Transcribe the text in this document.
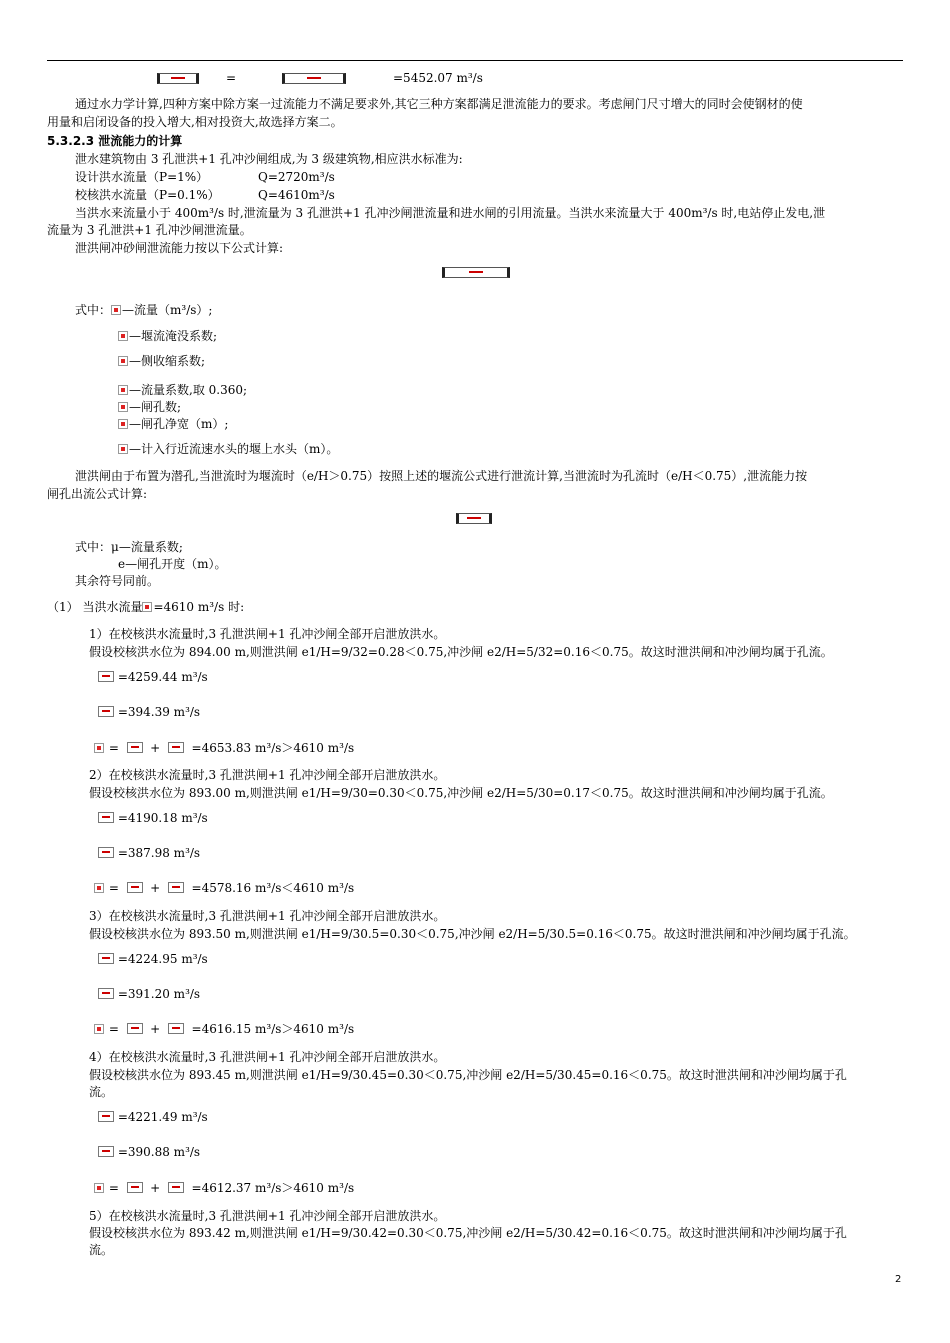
=	=5452.07 m³/s
通过水力学计算,四种方案中除方案一过流能力不满足要求外,其它三种方案都满足泄流能力的要求。考虑闸门尺寸增大的同时会使钢材的使
用量和启闭设备的投入增大,相对投资大,故选择方案二。
5.3.2.3 泄流能力的计算
泄水建筑物由 3 孔泄洪+1 孔冲沙闸组成,为 3 级建筑物,相应洪水标准为:
设计洪水流量（P=1%）	Q=2720m³/s
校核洪水流量（P=0.1%）	Q=4610m³/s
当洪水来流量小于 400m³/s 时,泄流量为 3 孔泄洪+1 孔冲沙闸泄流量和进水闸的引用流量。当洪水来流量大于 400m³/s 时,电站停止发电,泄
流量为 3 孔泄洪+1 孔冲沙闸泄流量。
泄洪闸冲砂闸泄流能力按以下公式计算:
式中： —流量（m³/s）;
—堰流淹没系数;
—侧收缩系数;
—流量系数,取 0.360;
—闸孔数;
—闸孔净宽（m）;
—计入行近流速水头的堰上水头（m）。
泄洪闸由于布置为潜孔,当泄流时为堰流时（e/H＞0.75）按照上述的堰流公式进行泄流计算,当泄流时为孔流时（e/H＜0.75）,泄流能力按
闸孔出流公式计算:
式中：μ—流量系数;
e—闸孔开度（m）。
其余符号同前。
（1） 当洪水流量 =4610 m³/s 时:
1）在校核洪水流量时,3 孔泄洪闸+1 孔冲沙闸全部开启泄放洪水。
假设校核洪水位为 894.00 m,则泄洪闸 e1/H=9/32=0.28＜0.75,冲沙闸 e2/H=5/32=0.16＜0.75。故这时泄洪闸和冲沙闸均属于孔流。
=4259.44 m³/s
=394.39 m³/s
=	+	=4653.83 m³/s＞4610 m³/s
2）在校核洪水流量时,3 孔泄洪闸+1 孔冲沙闸全部开启泄放洪水。
假设校核洪水位为 893.00 m,则泄洪闸 e1/H=9/30=0.30＜0.75,冲沙闸 e2/H=5/30=0.17＜0.75。故这时泄洪闸和冲沙闸均属于孔流。
=4190.18 m³/s
=387.98 m³/s
=	+	=4578.16 m³/s＜4610 m³/s
3）在校核洪水流量时,3 孔泄洪闸+1 孔冲沙闸全部开启泄放洪水。
假设校核洪水位为 893.50 m,则泄洪闸 e1/H=9/30.5=0.30＜0.75,冲沙闸 e2/H=5/30.5=0.16＜0.75。故这时泄洪闸和冲沙闸均属于孔流。
=4224.95 m³/s
=391.20 m³/s
=	+	=4616.15 m³/s＞4610 m³/s
4）在校核洪水流量时,3 孔泄洪闸+1 孔冲沙闸全部开启泄放洪水。
假设校核洪水位为 893.45 m,则泄洪闸 e1/H=9/30.45=0.30＜0.75,冲沙闸 e2/H=5/30.45=0.16＜0.75。故这时泄洪闸和冲沙闸均属于孔
流。
=4221.49 m³/s
=390.88 m³/s
=	+	=4612.37 m³/s＞4610 m³/s
5）在校核洪水流量时,3 孔泄洪闸+1 孔冲沙闸全部开启泄放洪水。
假设校核洪水位为 893.42 m,则泄洪闸 e1/H=9/30.42=0.30＜0.75,冲沙闸 e2/H=5/30.42=0.16＜0.75。故这时泄洪闸和冲沙闸均属于孔
流。
2
